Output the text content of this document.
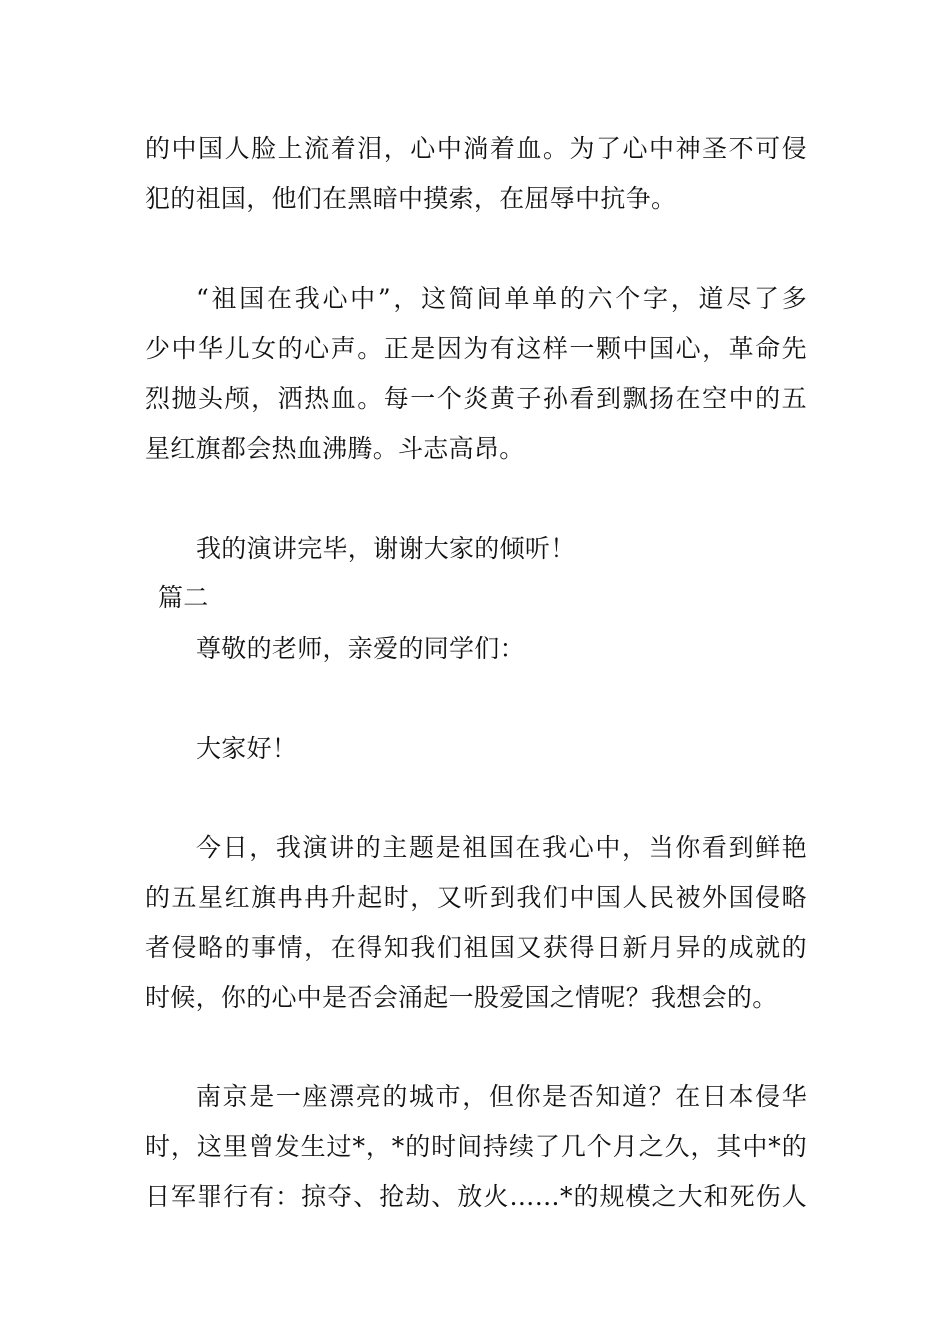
的中国人脸上流着泪，心中淌着血。为了心中神圣不可侵
犯的祖国，他们在黑暗中摸索，在屈辱中抗争。
“祖国在我心中”，这简间单单的六个字，道尽了多
少中华儿女的心声。正是因为有这样一颗中国心，革命先
烈抛头颅，洒热血。每一个炎黄子孙看到飘扬在空中的五
星红旗都会热血沸腾。斗志高昂。
我的演讲完毕，谢谢大家的倾听！
篇二
尊敬的老师，亲爱的同学们：
大家好！
今日，我演讲的主题是祖国在我心中，当你看到鲜艳
的五星红旗冉冉升起时，又听到我们中国人民被外国侵略
者侵略的事情，在得知我们祖国又获得日新月异的成就的
时候，你的心中是否会涌起一股爱国之情呢？我想会的。
南京是一座漂亮的城市，但你是否知道？在日本侵华
时，这里曾发生过*，*的时间持续了几个月之久，其中*的
日军罪行有：掠夺、抢劫、放火……*的规模之大和死伤人
